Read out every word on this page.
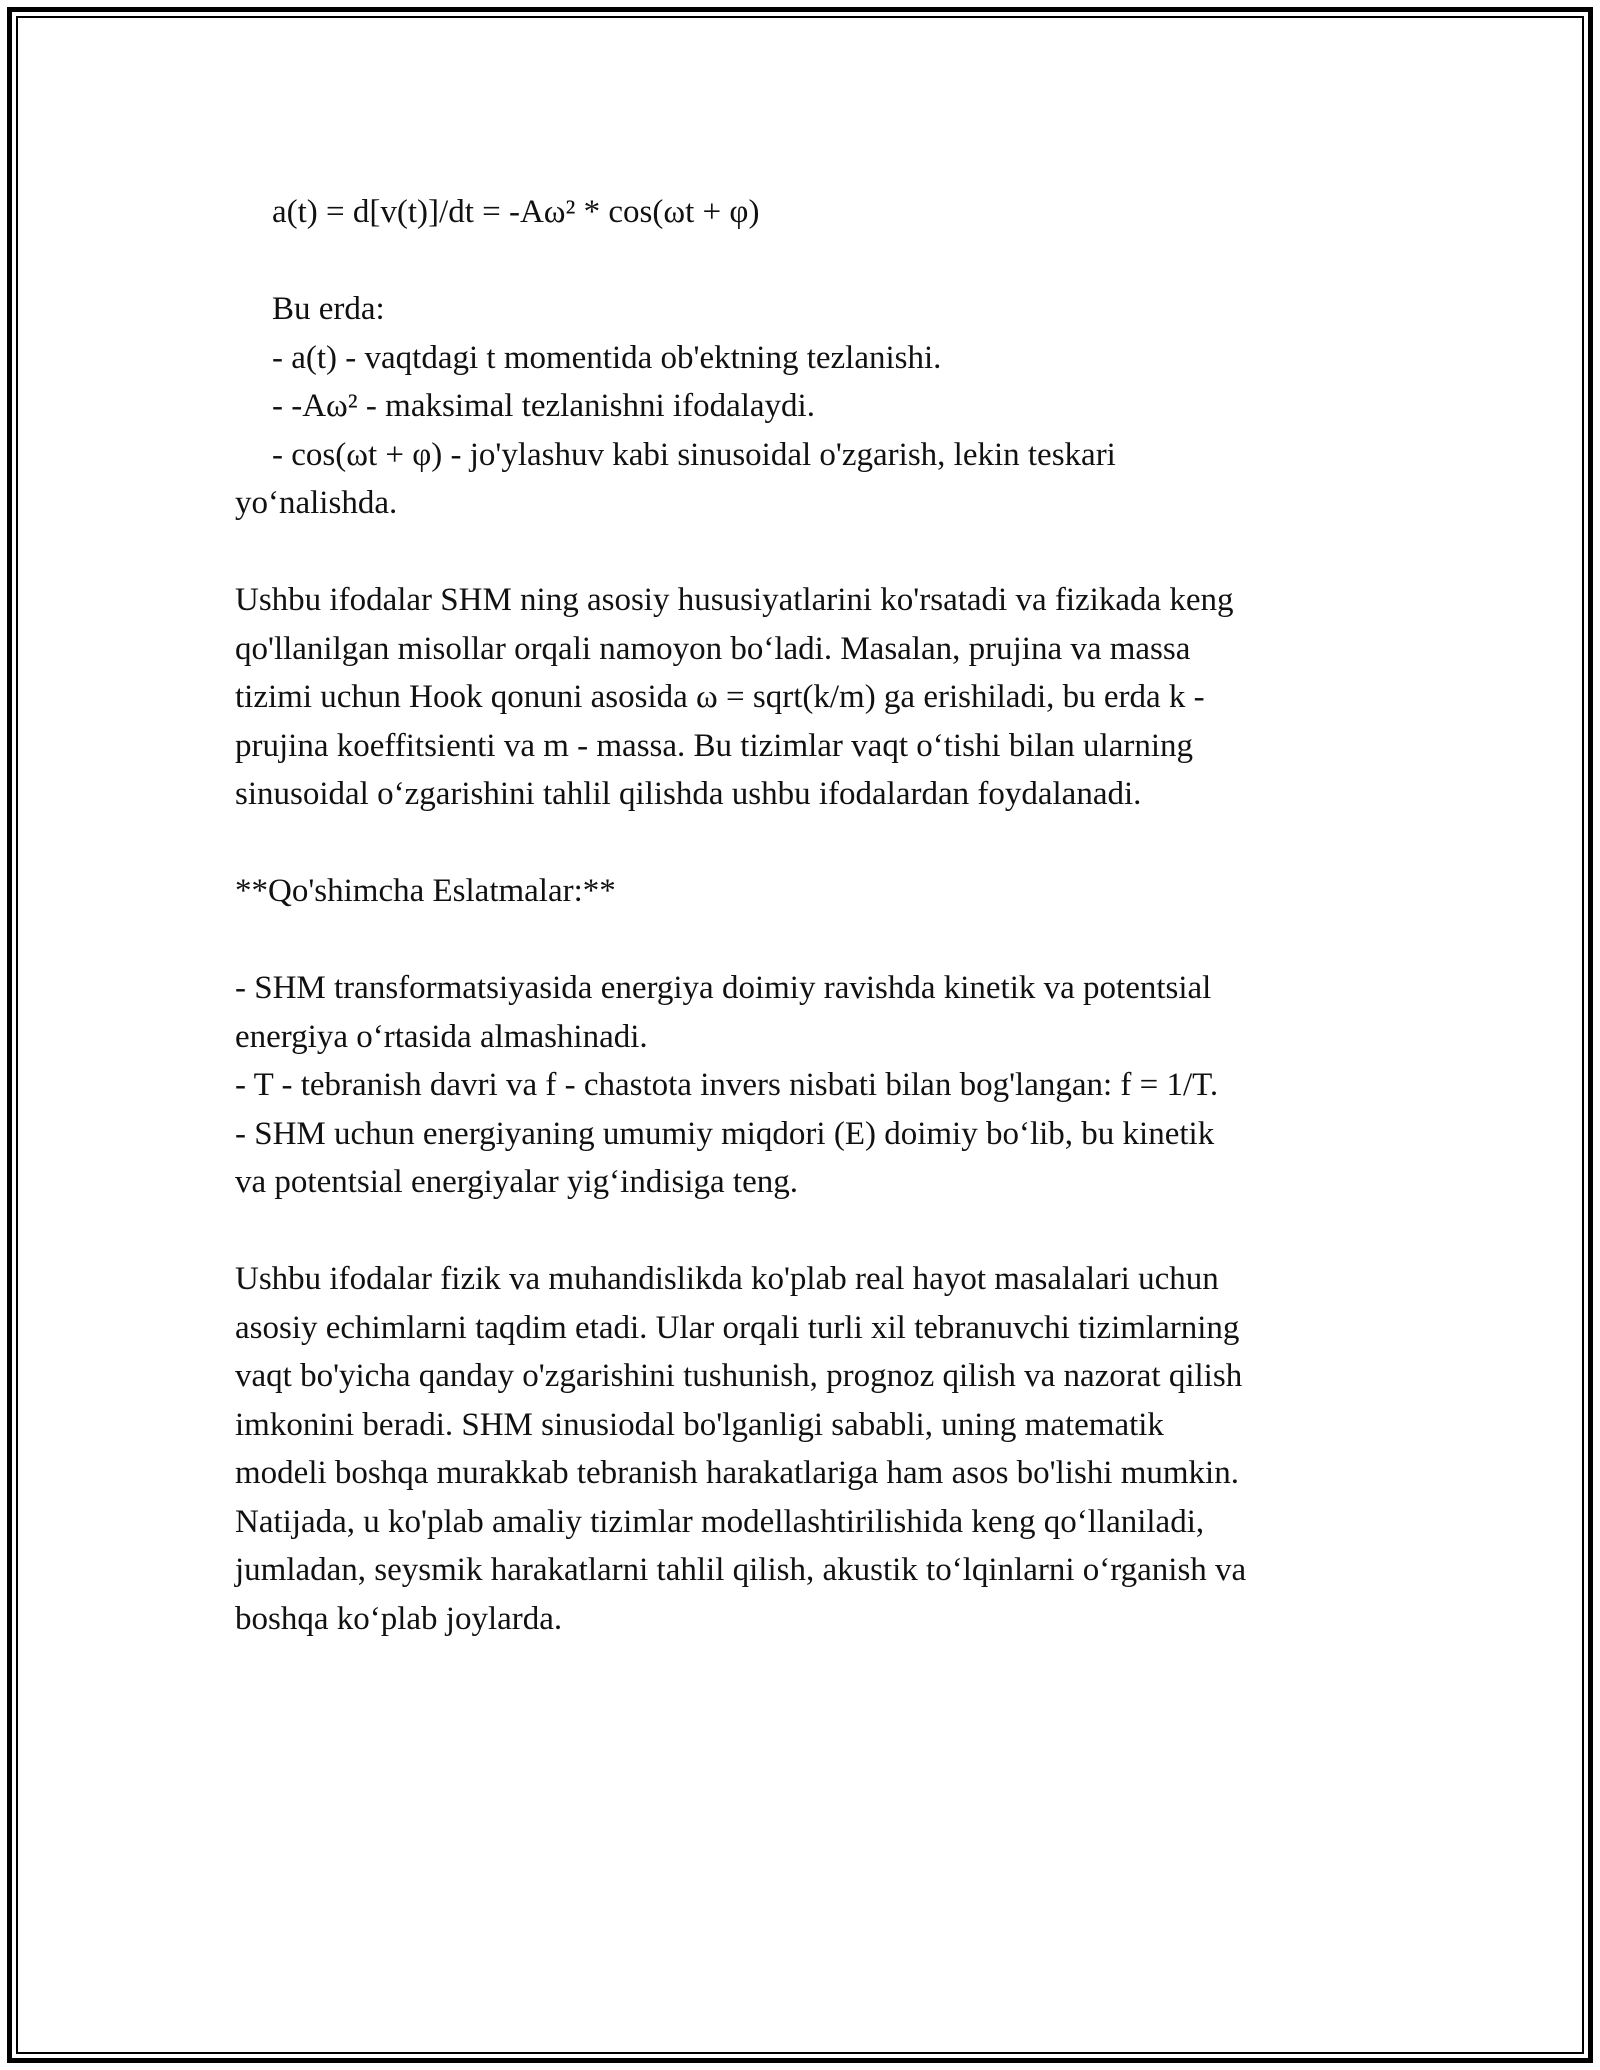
a(t) = d[v(t)]/dt = -Aω² * cos(ωt + φ)
Bu erda:
- a(t) - vaqtdagi t momentida ob'ektning tezlanishi.
- -Aω² - maksimal tezlanishni ifodalaydi.
- cos(ωt + φ) - jo'ylashuv kabi sinusoidal o'zgarish, lekin teskari
yo‘nalishda.
Ushbu ifodalar SHM ning asosiy hususiyatlarini ko'rsatadi va fizikada keng
qo'llanilgan misollar orqali namoyon bo‘ladi. Masalan, prujina va massa
tizimi uchun Hook qonuni asosida ω = sqrt(k/m) ga erishiladi, bu erda k -
prujina koeffitsienti va m - massa. Bu tizimlar vaqt o‘tishi bilan ularning
sinusoidal o‘zgarishini tahlil qilishda ushbu ifodalardan foydalanadi.
**Qo'shimcha Eslatmalar:**
- SHM transformatsiyasida energiya doimiy ravishda kinetik va potentsial
energiya o‘rtasida almashinadi.
- T - tebranish davri va f - chastota invers nisbati bilan bog'langan: f = 1/T.
- SHM uchun energiyaning umumiy miqdori (E) doimiy bo‘lib, bu kinetik
va potentsial energiyalar yig‘indisiga teng.
Ushbu ifodalar fizik va muhandislikda ko'plab real hayot masalalari uchun
asosiy echimlarni taqdim etadi. Ular orqali turli xil tebranuvchi tizimlarning
vaqt bo'yicha qanday o'zgarishini tushunish, prognoz qilish va nazorat qilish
imkonini beradi. SHM sinusiodal bo'lganligi sababli, uning matematik
modeli boshqa murakkab tebranish harakatlariga ham asos bo'lishi mumkin.
Natijada, u ko'plab amaliy tizimlar modellashtirilishida keng qo‘llaniladi,
jumladan, seysmik harakatlarni tahlil qilish, akustik to‘lqinlarni o‘rganish va
boshqa ko‘plab joylarda.
